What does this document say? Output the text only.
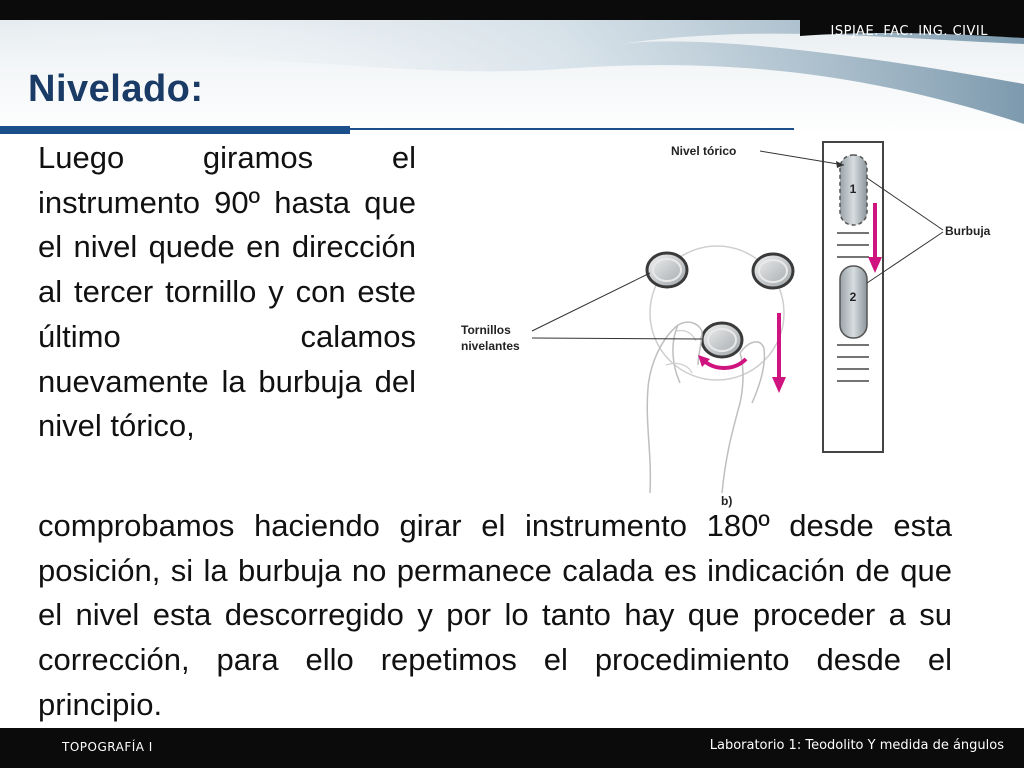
ISPJAE. FAC. ING. CIVIL
Nivelado:
Luego giramos el instrumento 90º hasta que el nivel quede en dirección al tercer tornillo y con este último calamos nuevamente la burbuja del nivel tórico,
1
2
Nivel tórico
Burbuja
Tornillos
nivelantes
b)
comprobamos haciendo girar el instrumento 180º desde esta posición, si la burbuja no permanece calada es indicación de que el nivel esta descorregido y por lo tanto hay que proceder a su corrección, para ello repetimos el procedimiento desde el principio.
TOPOGRAFÍA I	Laboratorio 1: Teodolito Y medida de ángulos
